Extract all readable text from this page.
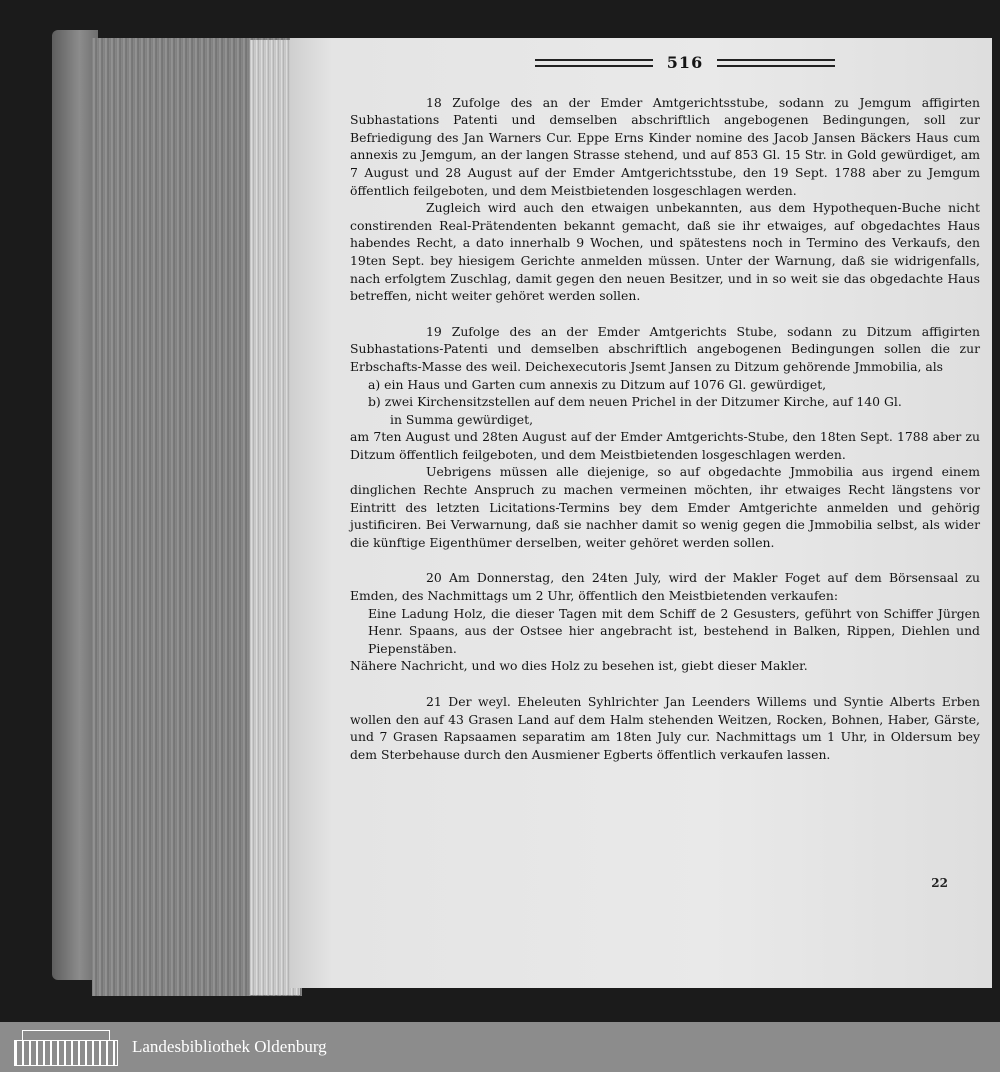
516

18 Zufolge des an der Emder Amtgerichtsstube, sodann zu Jemgum affigirten Subhastations Patenti und demselben abschriftlich angebogenen Bedingungen, soll zur Befriedigung des Jan Warners Cur. Eppe Erns Kinder nomine des Jacob Jansen Bäckers Haus cum annexis zu Jemgum, an der langen Strasse stehend, und auf 853 Gl. 15 Str. in Gold gewürdiget, am 7 August und 28 August auf der Emder Amtgerichtsstube, den 19 Sept. 1788 aber zu Jemgum öffentlich feilgeboten, und dem Meistbietenden losgeschlagen werden.

Zugleich wird auch den etwaigen unbekannten, aus dem Hypothequen-Buche nicht constirenden Real-Prätendenten bekannt gemacht, daß sie ihr etwaiges, auf obgedachtes Haus habendes Recht, a dato innerhalb 9 Wochen, und spätestens noch in Termino des Verkaufs, den 19ten Sept. bey hiesigem Gerichte anmelden müssen. Unter der Warnung, daß sie widrigenfalls, nach erfolgtem Zuschlag, damit gegen den neuen Besitzer, und in so weit sie das obgedachte Haus betreffen, nicht weiter gehöret werden sollen.

19 Zufolge des an der Emder Amtgerichts Stube, sodann zu Ditzum affigirten Subhastations-Patenti und demselben abschriftlich angebogenen Bedingungen sollen die zur Erbschafts-Masse des weil. Deichexecutoris Jsemt Jansen zu Ditzum gehörende Jmmobilia, als

a) ein Haus und Garten cum annexis zu Ditzum auf 1076 Gl. gewürdiget,

b) zwei Kirchensitzstellen auf dem neuen Prichel in der Ditzumer Kirche, auf 140 Gl.

in Summa gewürdiget,

am 7ten August und 28ten August auf der Emder Amtgerichts-Stube, den 18ten Sept. 1788 aber zu Ditzum öffentlich feilgeboten, und dem Meistbietenden losgeschlagen werden.

Uebrigens müssen alle diejenige, so auf obgedachte Jmmobilia aus irgend einem dinglichen Rechte Anspruch zu machen vermeinen möchten, ihr etwaiges Recht längstens vor Eintritt des letzten Licitations-Termins bey dem Emder Amtgerichte anmelden und gehörig justificiren. Bei Verwarnung, daß sie nachher damit so wenig gegen die Jmmobilia selbst, als wider die künftige Eigenthümer derselben, weiter gehöret werden sollen.

20 Am Donnerstag, den 24ten July, wird der Makler Foget auf dem Börsensaal zu Emden, des Nachmittags um 2 Uhr, öffentlich den Meistbietenden verkaufen:

Eine Ladung Holz, die dieser Tagen mit dem Schiff de 2 Gesusters, geführt von Schiffer Jürgen Henr. Spaans, aus der Ostsee hier angebracht ist, bestehend in Balken, Rippen, Diehlen und Piepenstäben.

Nähere Nachricht, und wo dies Holz zu besehen ist, giebt dieser Makler.

21 Der weyl. Eheleuten Syhlrichter Jan Leenders Willems und Syntie Alberts Erben wollen den auf 43 Grasen Land auf dem Halm stehenden Weitzen, Rocken, Bohnen, Haber, Gärste, und 7 Grasen Rapsaamen separatim am 18ten July cur. Nachmittags um 1 Uhr, in Oldersum bey dem Sterbehause durch den Ausmiener Egberts öffentlich verkaufen lassen.

22
Landesbibliothek Oldenburg
